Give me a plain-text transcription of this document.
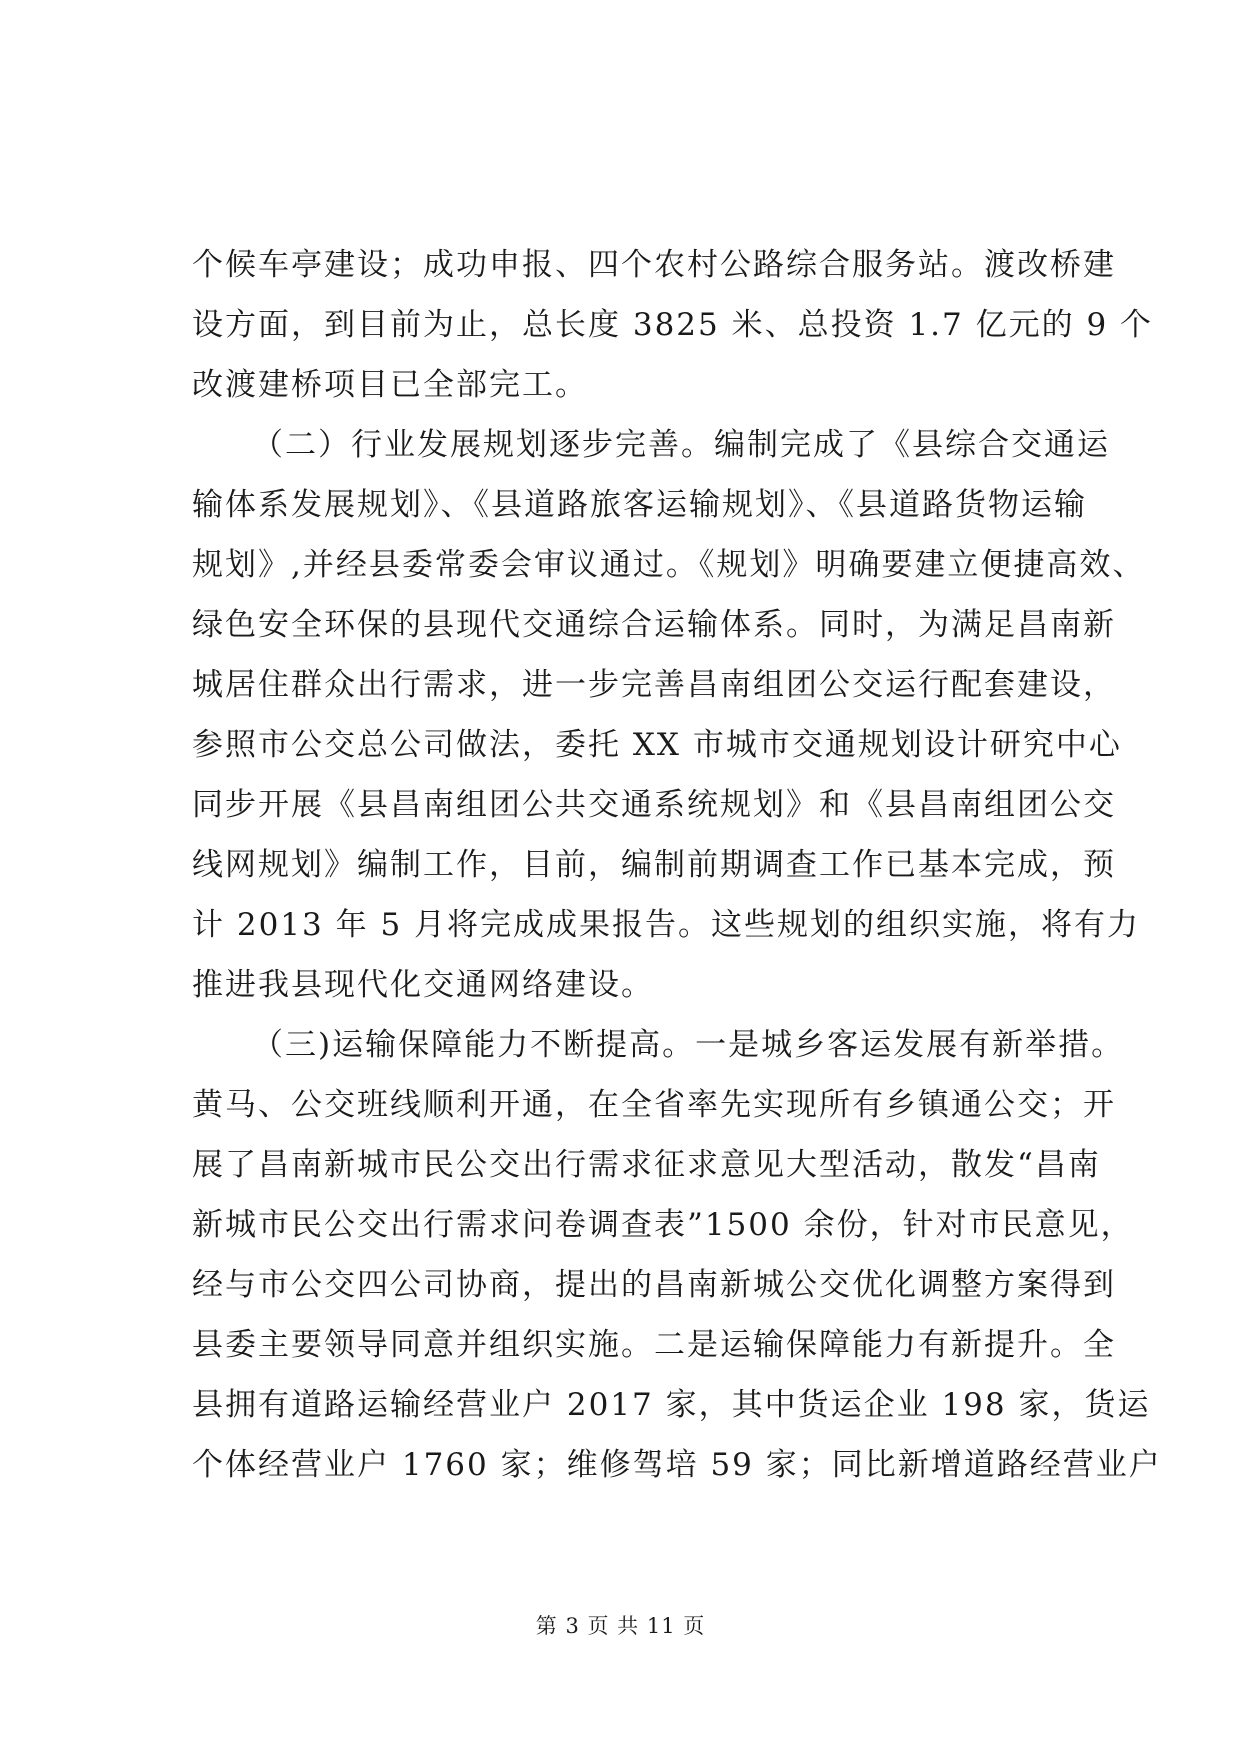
个候车亭建设；成功申报、四个农村公路综合服务站。渡改桥建
设方面，到目前为止，总长度 3825 米、总投资 1.7 亿元的 9 个
改渡建桥项目已全部完工。
（二）行业发展规划逐步完善。编制完成了《县综合交通运
输体系发展规划》、《县道路旅客运输规划》、《县道路货物运输
规划》,并经县委常委会审议通过。《规划》明确要建立便捷高效、
绿色安全环保的县现代交通综合运输体系。同时，为满足昌南新
城居住群众出行需求，进一步完善昌南组团公交运行配套建设，
参照市公交总公司做法，委托 XX 市城市交通规划设计研究中心
同步开展《县昌南组团公共交通系统规划》和《县昌南组团公交
线网规划》编制工作，目前，编制前期调查工作已基本完成，预
计 2013 年 5 月将完成成果报告。这些规划的组织实施，将有力
推进我县现代化交通网络建设。
（三)运输保障能力不断提高。一是城乡客运发展有新举措。
黄马、公交班线顺利开通，在全省率先实现所有乡镇通公交；开
展了昌南新城市民公交出行需求征求意见大型活动，散发“昌南
新城市民公交出行需求问卷调查表”1500 余份，针对市民意见，
经与市公交四公司协商，提出的昌南新城公交优化调整方案得到
县委主要领导同意并组织实施。二是运输保障能力有新提升。全
县拥有道路运输经营业户 2017 家，其中货运企业 198 家，货运
个体经营业户 1760 家；维修驾培 59 家；同比新增道路经营业户
第 3 页 共 11 页
